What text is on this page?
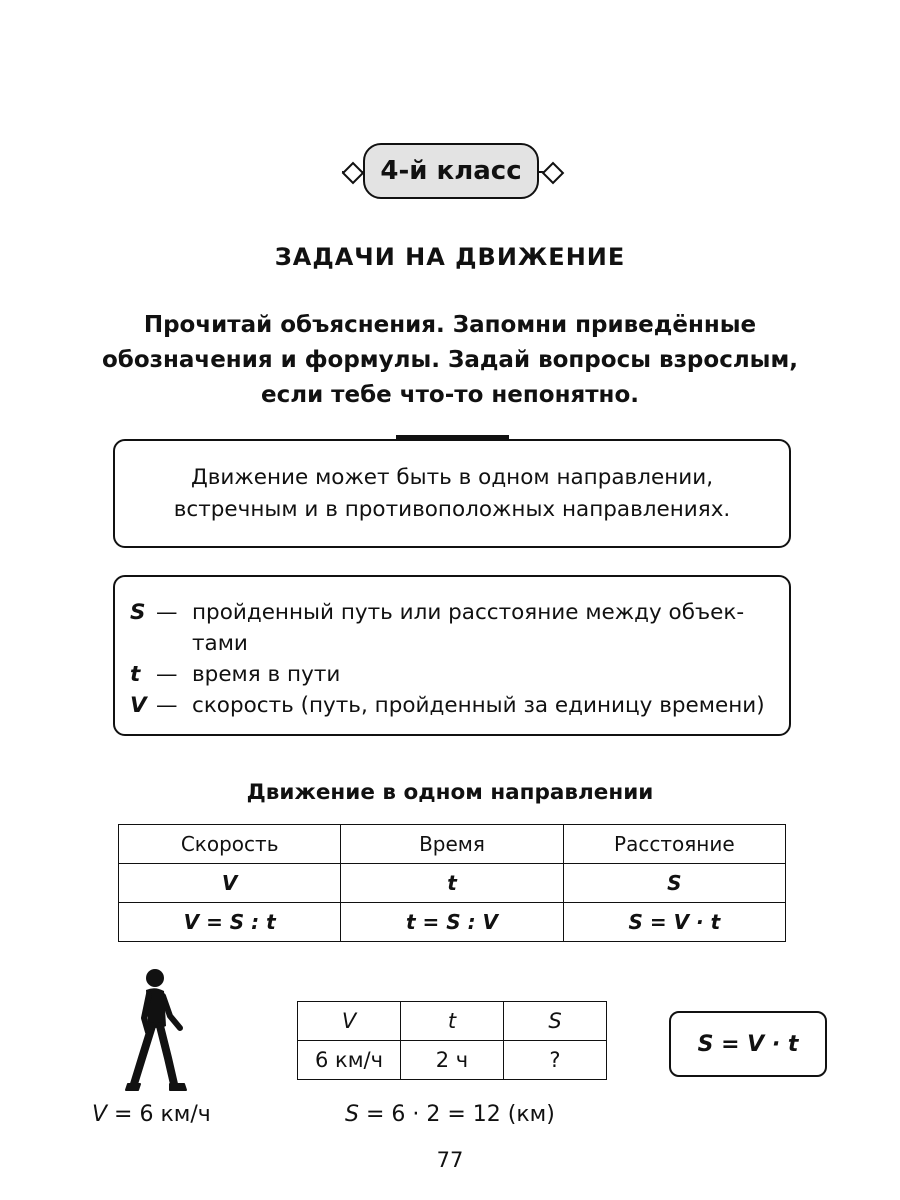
4-й класс
ЗАДАЧИ НА ДВИЖЕНИЕ
Прочитай объяснения. Запомни приведённые
обозначения и формулы. Задай вопросы взрослым,
если тебе что-то непонятно.
Движение может быть в одном направлении,
встречным и в противоположных направлениях.
S — пройденный путь или расстояние между объек-
тами
t — время в пути
V — скорость (путь, пройденный за единицу времени)
Движение в одном направлении
Скорость	Время	Расстояние
V	t	S
V = S : t	t = S : V	S = V · t
V = 6 км/ч
V	t	S
6 км/ч	2 ч	?
S = 6 · 2 = 12 (км)
S = V · t
77
